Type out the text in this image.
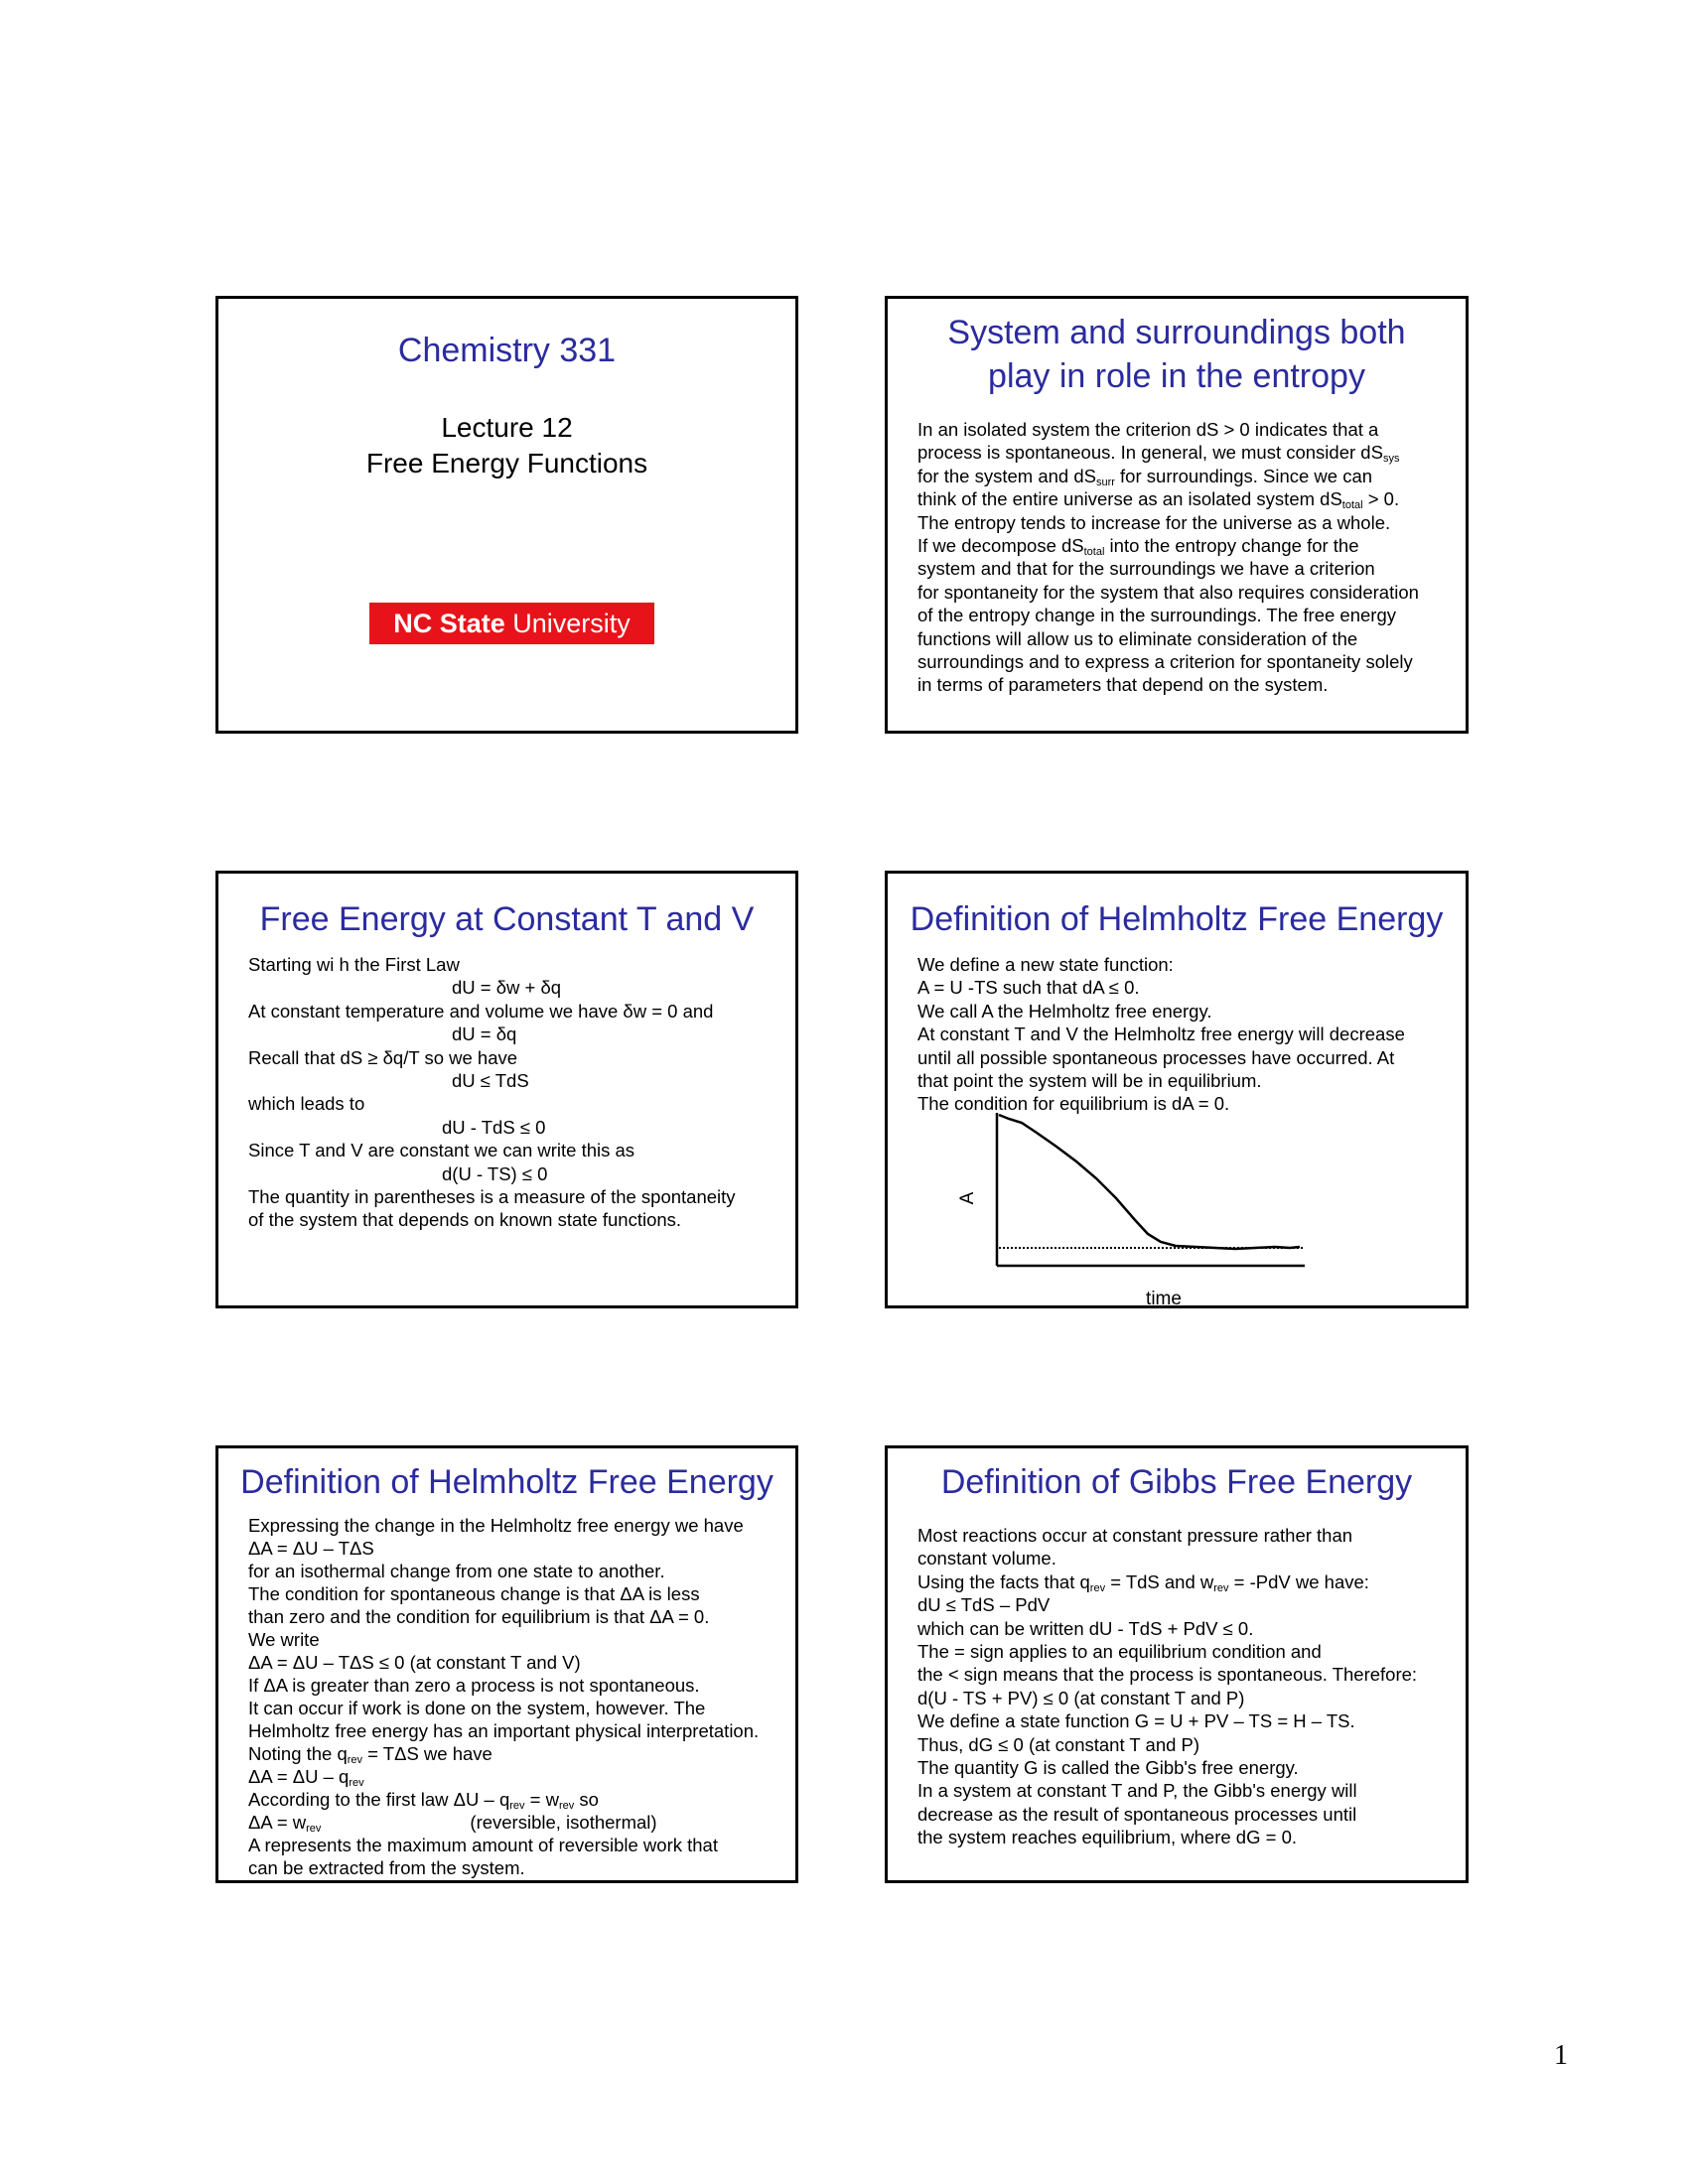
Chemistry 331
Lecture 12
Free Energy Functions
NC State University
System and surroundings both
play in role in the entropy
In an isolated system the criterion dS > 0 indicates that a
process is spontaneous. In general, we must consider $dS_{sys}$
for the system and $dS_{surr}$ for surroundings. Since we can
think of the entire universe as an isolated system $dS_{total} > 0$.
The entropy tends to increase for the universe as a whole.
If we decompose $dS_{total}$ into the entropy change for the
system and that for the surroundings we have a criterion
for spontaneity for the system that also requires consideration
of the entropy change in the surroundings. The free energy
functions will allow us to eliminate consideration of the
surroundings and to express a criterion for spontaneity solely
in terms of parameters that depend on the system.
Free Energy at Constant T and V
Starting wi h the First Law
dU = δw + δq
At constant temperature and volume we have δw = 0 and
dU = δq
Recall that dS ≥ δq/T so we have
dU ≤ TdS
which leads to
dU - TdS ≤ 0
Since T and V are constant we can write this as
d(U - TS) ≤ 0
The quantity in parentheses is a measure of the spontaneity
of the system that depends on known state functions.
Definition of Helmholtz Free Energy
We define a new state function:
A = U -TS such that dA ≤ 0.
We call A the Helmholtz free energy.
At constant T and V the Helmholtz free energy will decrease
until all possible spontaneous processes have occurred. At
that point the system will be in equilibrium.
The condition for equilibrium is dA = 0.
A
time
Definition of Helmholtz Free Energy
Expressing the change in the Helmholtz free energy we have
ΔA = ΔU – TΔS
for an isothermal change from one state to another.
The condition for spontaneous change is that ΔA is less
than zero and the condition for equilibrium is that ΔA = 0.
We write
ΔA = ΔU – TΔS ≤ 0 (at constant T and V)
If ΔA is greater than zero a process is not spontaneous.
It can occur if work is done on the system, however. The
Helmholtz free energy has an important physical interpretation.
Noting the $q_{rev} = T\Delta S$ we have
$\Delta A = \Delta U - q_{rev}$
According to the first law $\Delta U - q_{rev} = w_{rev}$ so
$\Delta A = w_{rev}$	(reversible, isothermal)
A represents the maximum amount of reversible work that
can be extracted from the system.
Definition of Gibbs Free Energy
Most reactions occur at constant pressure rather than
constant volume.
Using the facts that $q_{rev}$ = TdS and $w_{rev} = -PdV$ we have:
dU ≤ TdS – PdV
which can be written dU - TdS + PdV ≤ 0.
The = sign applies to an equilibrium condition and
the < sign means that the process is spontaneous. Therefore:
d(U - TS + PV) ≤ 0 (at constant T and P)
We define a state function G = U + PV – TS = H – TS.
Thus, dG ≤ 0 (at constant T and P)
The quantity G is called the Gibb's free energy.
In a system at constant T and P, the Gibb's energy will
decrease as the result of spontaneous processes until
the system reaches equilibrium, where dG = 0.
1
